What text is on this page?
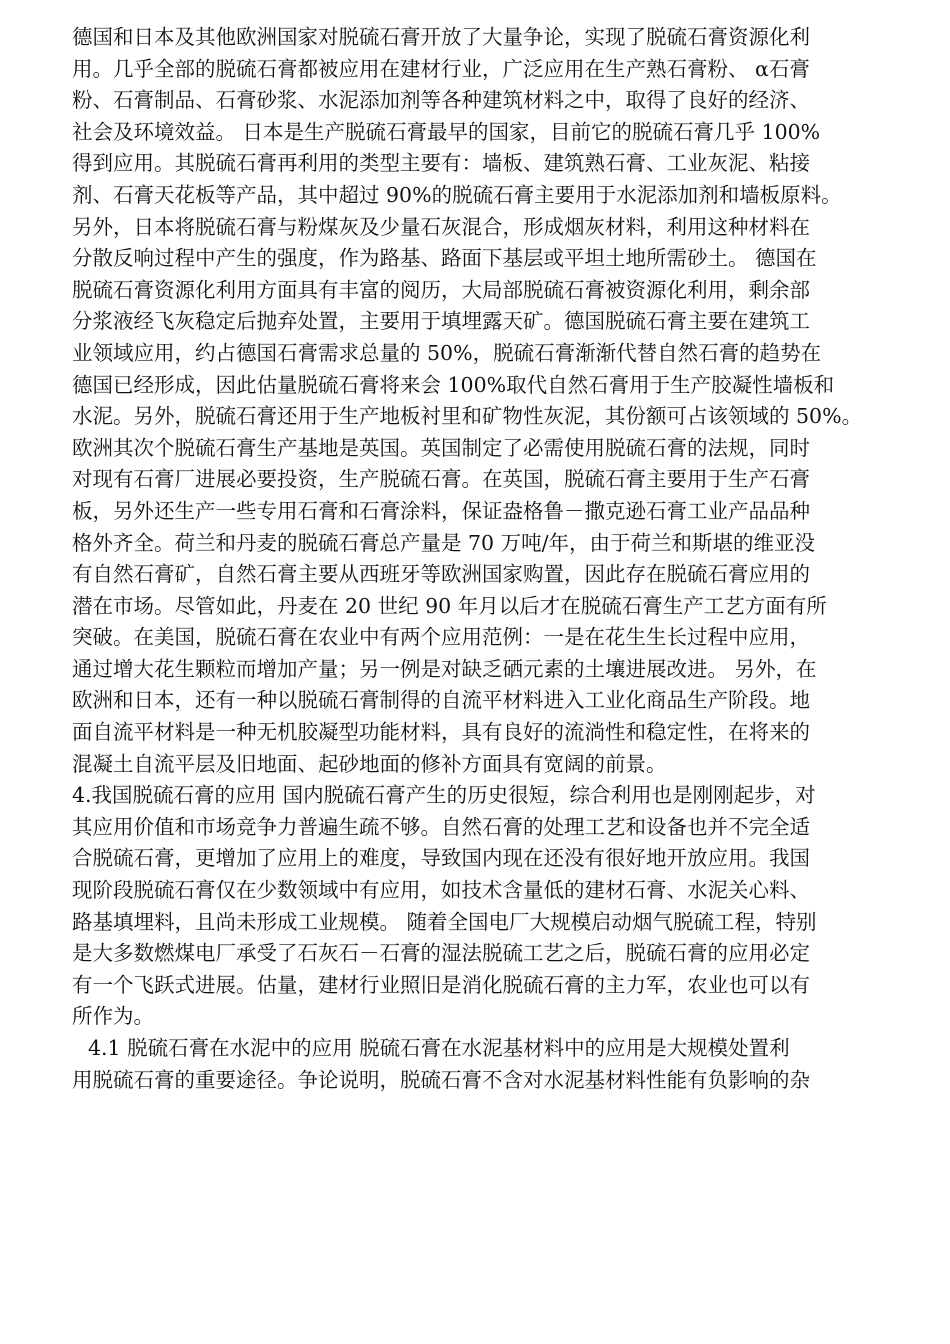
德国和日本及其他欧洲国家对脱硫石膏开放了大量争论，实现了脱硫石膏资源化利
用。几乎全部的脱硫石膏都被应用在建材行业，广泛应用在生产熟石膏粉、 α石膏
粉、石膏制品、石膏砂浆、水泥添加剂等各种建筑材料之中，取得了良好的经济、
社会及环境效益。 日本是生产脱硫石膏最早的国家，目前它的脱硫石膏几乎 100%
得到应用。其脱硫石膏再利用的类型主要有：墙板、建筑熟石膏、工业灰泥、粘接
剂、石膏天花板等产品，其中超过 90%的脱硫石膏主要用于水泥添加剂和墙板原料。
另外，日本将脱硫石膏与粉煤灰及少量石灰混合，形成烟灰材料，利用这种材料在
分散反响过程中产生的强度，作为路基、路面下基层或平坦土地所需砂土。 德国在
脱硫石膏资源化利用方面具有丰富的阅历，大局部脱硫石膏被资源化利用，剩余部
分浆液经飞灰稳定后抛弃处置，主要用于填埋露天矿。德国脱硫石膏主要在建筑工
业领域应用，约占德国石膏需求总量的 50%，脱硫石膏渐渐代替自然石膏的趋势在
德国已经形成，因此估量脱硫石膏将来会 100%取代自然石膏用于生产胶凝性墙板和
水泥。另外，脱硫石膏还用于生产地板衬里和矿物性灰泥，其份额可占该领域的 50%。
欧洲其次个脱硫石膏生产基地是英国。英国制定了必需使用脱硫石膏的法规，同时
对现有石膏厂进展必要投资，生产脱硫石膏。在英国，脱硫石膏主要用于生产石膏
板，另外还生产一些专用石膏和石膏涂料，保证盎格鲁－撒克逊石膏工业产品品种
格外齐全。荷兰和丹麦的脱硫石膏总产量是 70 万吨/年，由于荷兰和斯堪的维亚没
有自然石膏矿，自然石膏主要从西班牙等欧洲国家购置，因此存在脱硫石膏应用的
潜在市场。尽管如此，丹麦在 20 世纪 90 年月以后才在脱硫石膏生产工艺方面有所
突破。在美国，脱硫石膏在农业中有两个应用范例：一是在花生生长过程中应用，
通过增大花生颗粒而增加产量；另一例是对缺乏硒元素的土壤进展改进。 另外，在
欧洲和日本，还有一种以脱硫石膏制得的自流平材料进入工业化商品生产阶段。地
面自流平材料是一种无机胶凝型功能材料，具有良好的流淌性和稳定性，在将来的
混凝土自流平层及旧地面、起砂地面的修补方面具有宽阔的前景。
4.我国脱硫石膏的应用 国内脱硫石膏产生的历史很短，综合利用也是刚刚起步，对
其应用价值和市场竞争力普遍生疏不够。自然石膏的处理工艺和设备也并不完全适
合脱硫石膏，更增加了应用上的难度，导致国内现在还没有很好地开放应用。我国
现阶段脱硫石膏仅在少数领域中有应用，如技术含量低的建材石膏、水泥关心料、
路基填埋料，且尚未形成工业规模。 随着全国电厂大规模启动烟气脱硫工程，特别
是大多数燃煤电厂承受了石灰石－石膏的湿法脱硫工艺之后，脱硫石膏的应用必定
有一个飞跃式进展。估量，建材行业照旧是消化脱硫石膏的主力军，农业也可以有
所作为。
4.1 脱硫石膏在水泥中的应用 脱硫石膏在水泥基材料中的应用是大规模处置利
用脱硫石膏的重要途径。争论说明，脱硫石膏不含对水泥基材料性能有负影响的杂
